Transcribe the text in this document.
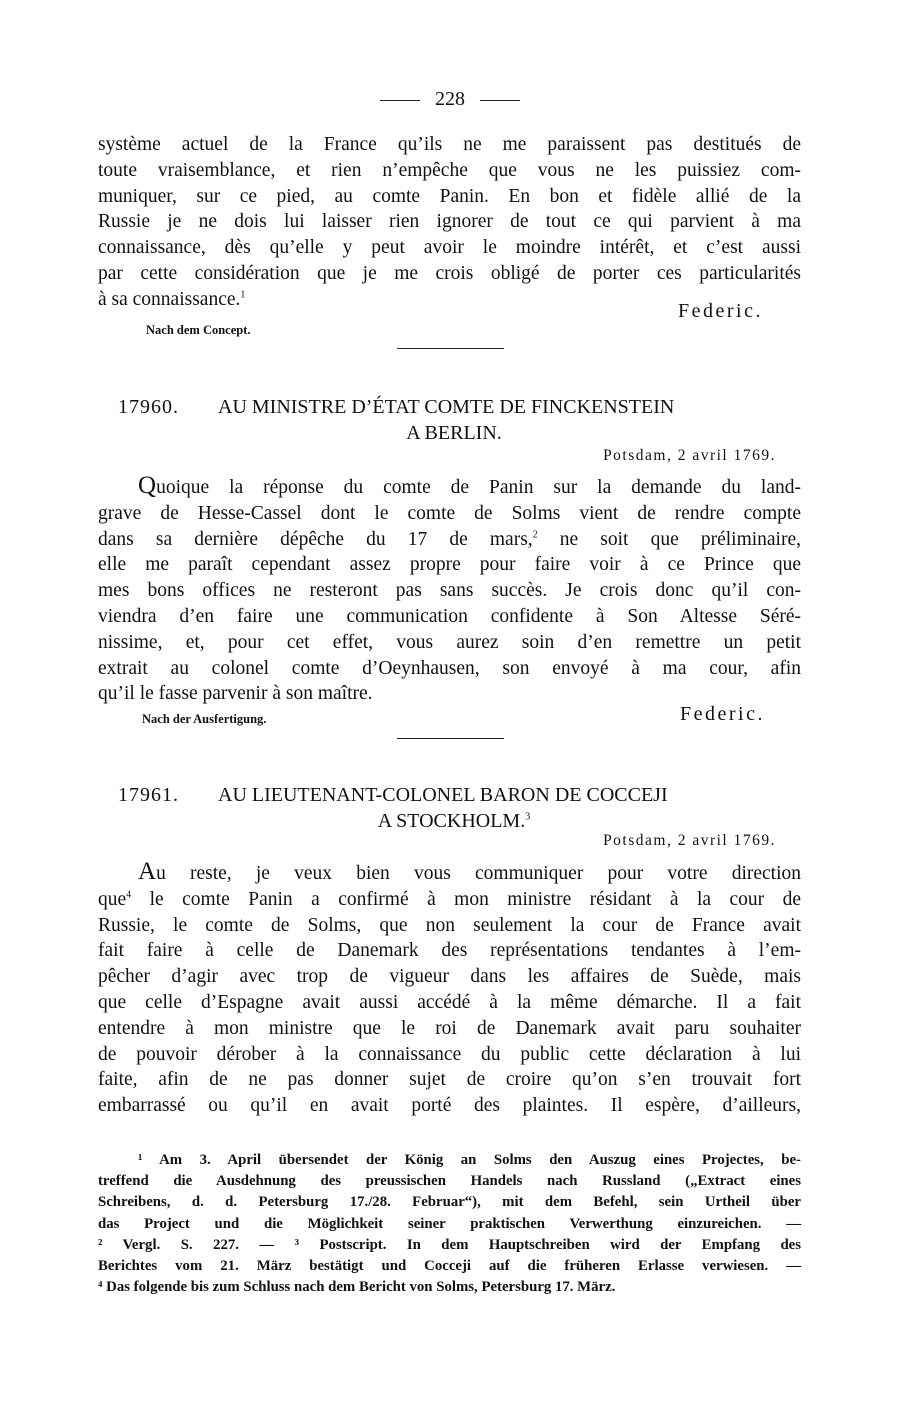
228
système actuel de la France qu’ils ne me paraissent pas destitués de
toute vraisemblance, et rien n’empêche que vous ne les puissiez com-
muniquer, sur ce pied, au comte Panin. En bon et fidèle allié de la
Russie je ne dois lui laisser rien ignorer de tout ce qui parvient à ma
connaissance, dès qu’elle y peut avoir le moindre intérêt, et c’est aussi
par cette considération que je me crois obligé de porter ces particularités
à sa connaissance.$^1$
Federic.
Nach dem Concept.
17960. AU MINISTRE D’ÉTAT COMTE DE FINCKENSTEIN
A BERLIN.
Potsdam, 2 avril 1769.
Quoique la réponse du comte de Panin sur la demande du land-
grave de Hesse-Cassel dont le comte de Solms vient de rendre compte
dans sa dernière dépêche du 17 de mars,$^2$ ne soit que préliminaire,
elle me paraît cependant assez propre pour faire voir à ce Prince que
mes bons offices ne resteront pas sans succès. Je crois donc qu’il con-
viendra d’en faire une communication confidente à Son Altesse Séré-
nissime, et, pour cet effet, vous aurez soin d’en remettre un petit
extrait au colonel comte d’Oeynhausen, son envoyé à ma cour, afin
qu’il le fasse parvenir à son maître.
Federic.
Nach der Ausfertigung.
17961. AU LIEUTENANT-COLONEL BARON DE COCCEJI
A STOCKHOLM.$^3$
Potsdam, 2 avril 1769.
Au reste, je veux bien vous communiquer pour votre direction
que$^4$ le comte Panin a confirmé à mon ministre résidant à la cour de
Russie, le comte de Solms, que non seulement la cour de France avait
fait faire à celle de Danemark des représentations tendantes à l’em-
pêcher d’agir avec trop de vigueur dans les affaires de Suède, mais
que celle d’Espagne avait aussi accédé à la même démarche. Il a fait
entendre à mon ministre que le roi de Danemark avait paru souhaiter
de pouvoir dérober à la connaissance du public cette déclaration à lui
faite, afin de ne pas donner sujet de croire qu’on s’en trouvait fort
embarrassé ou qu’il en avait porté des plaintes. Il espère, d’ailleurs,
¹ Am 3. April übersendet der König an Solms den Auszug eines Projectes, be-
treffend die Ausdehnung des preussischen Handels nach Russland („Extract eines
Schreibens, d. d. Petersburg 17./28. Februar“), mit dem Befehl, sein Urtheil über
das Project und die Möglichkeit seiner praktischen Verwerthung einzureichen. —
² Vergl. S. 227. — ³ Postscript. In dem Hauptschreiben wird der Empfang des
Berichtes vom 21. März bestätigt und Cocceji auf die früheren Erlasse verwiesen. —
⁴ Das folgende bis zum Schluss nach dem Bericht von Solms, Petersburg 17. März.
